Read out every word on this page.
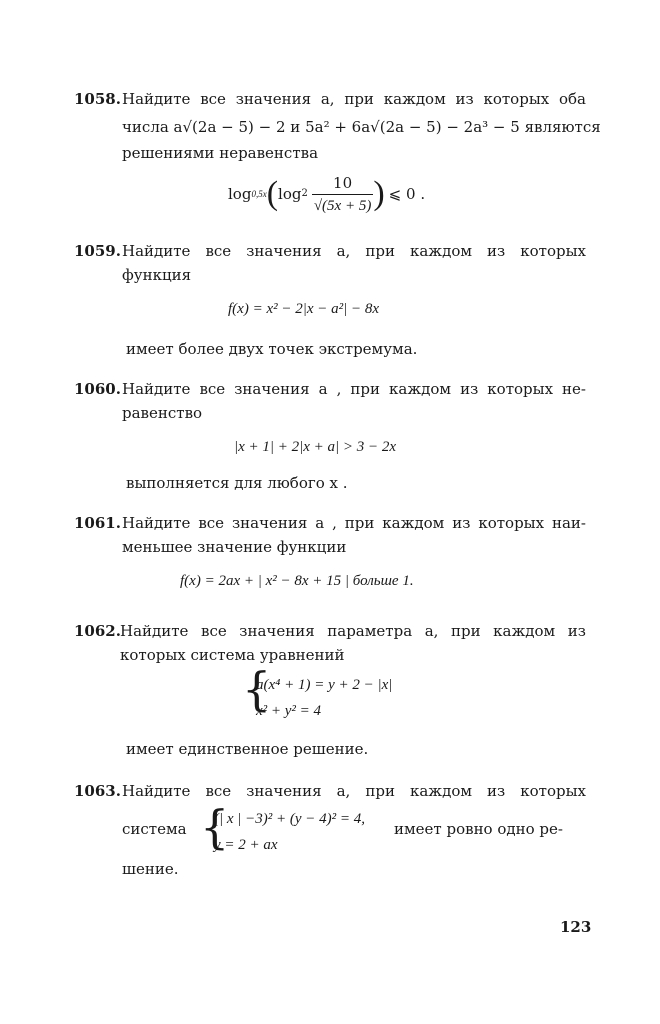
1058. Найдите все значения a, при каждом из которых оба
числа a√(2a − 5) − 2 и 5a² + 6a√(2a − 5) − 2a³ − 5 являются
решениями неравенства
log 0,5x ( $\log 2 \frac{10}{√(5x + 5)}$ ) ⩽ 0 .
1059. Найдите все значения a, при каждом из которых
функция
f(x) = x² − 2|x − a²| − 8x
имеет более двух точек экстремума.
1060. Найдите все значения a , при каждом из которых не-
равенство
|x + 1| + 2|x + a| > 3 − 2x
выполняется для любого x .
1061. Найдите все значения a , при каждом из которых наи-
меньшее значение функции
f(x) = 2ax + | x² − 8x + 15 | больше 1.
1062. Найдите все значения параметра a, при каждом из
которых система уравнений
{
a(x⁴ + 1) = y + 2 − |x|
x² + y² = 4
имеет единственное решение.
1063. Найдите все значения a, при каждом из которых
система {
(| x | −3)² + (y − 4)² = 4,
y = 2 + ax
имеет ровно одно ре-
шение.
123
